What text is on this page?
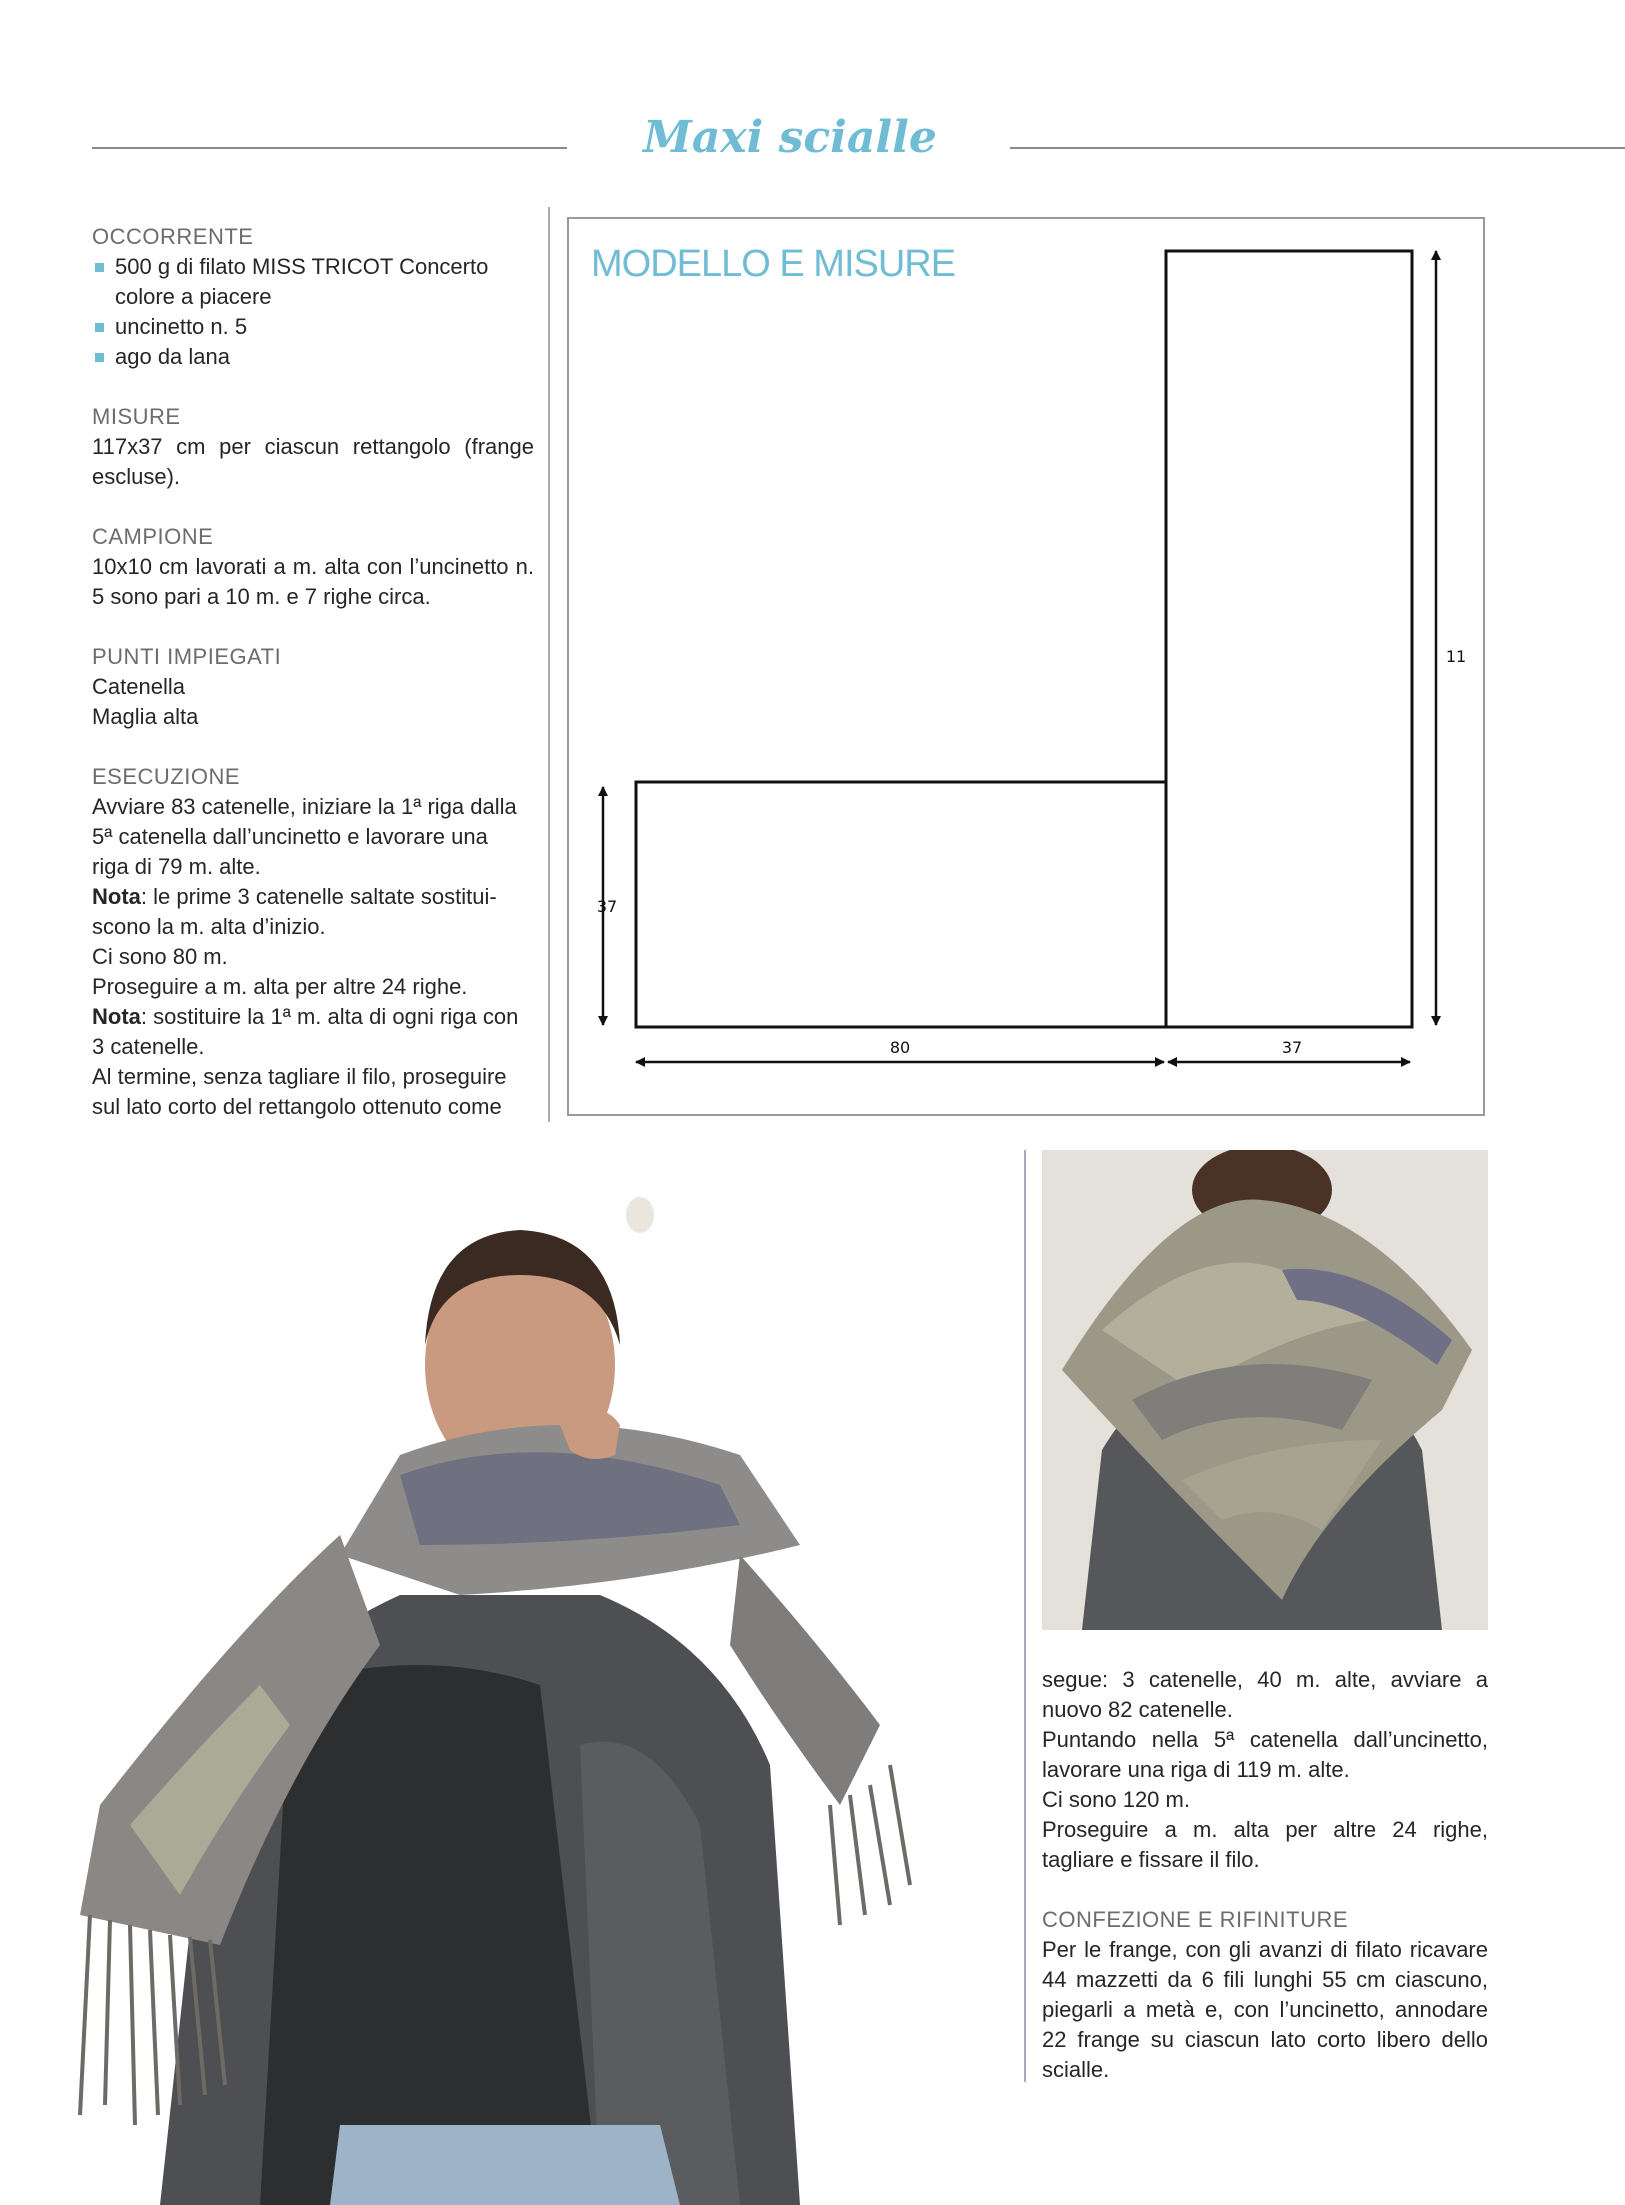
Maxi scialle
OCCORRENTE
500 g di filato MISS TRICOT Concerto colore a piacere
uncinetto n. 5
ago da lana
MISURE
117x37 cm per ciascun rettangolo (frange escluse).
CAMPIONE
10x10 cm lavorati a m. alta con l’uncinetto n. 5 sono pari a 10 m. e 7 righe circa.
PUNTI IMPIEGATI
Catenella
Maglia alta
ESECUZIONE
Avviare 83 catenelle, iniziare la 1ª riga dalla
5ª catenella dall’uncinetto e lavorare una
riga di 79 m. alte.
Nota: le prime 3 catenelle saltate sostitui-
scono la m. alta d’inizio.
Ci sono 80 m.
Proseguire a m. alta per altre 24 righe.
Nota: sostituire la 1ª m. alta di ogni riga con
3 catenelle.
Al termine, senza tagliare il filo, proseguire
sul lato corto del rettangolo ottenuto come
MODELLO E MISURE
37
11
80	37
segue: 3 catenelle, 40 m. alte, avviare a nuovo 82 catenelle.
Puntando nella 5ª catenella dall’uncinetto, lavorare una riga di 119 m. alte.
Ci sono 120 m.
Proseguire a m. alta per altre 24 righe, tagliare e fissare il filo.
CONFEZIONE E RIFINITURE
Per le frange, con gli avanzi di filato ricavare 44 mazzetti da 6 fili lunghi 55 cm ciascuno, piegarli a metà e, con l’uncinetto, annodare 22 frange su ciascun lato corto libero dello scialle.
